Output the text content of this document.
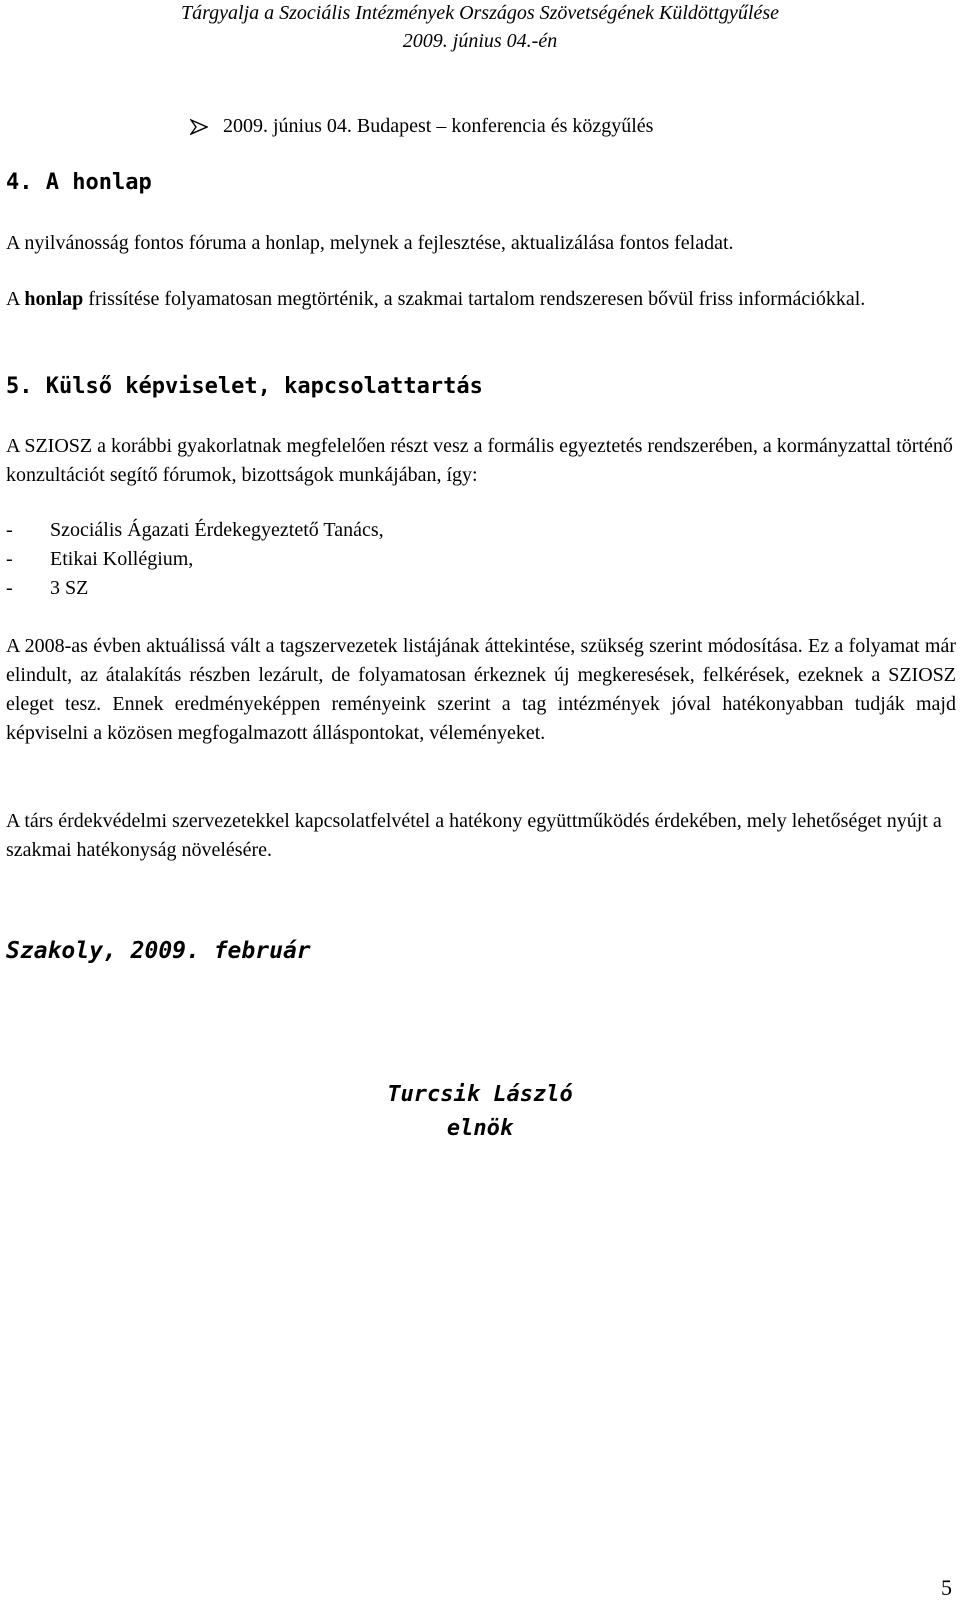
Tárgyalja a Szociális Intézmények Országos Szövetségének Küldöttgyűlése
2009. június 04.-én
2009. június 04. Budapest – konferencia és közgyűlés
4. A honlap
A nyilvánosság fontos fóruma a honlap, melynek a fejlesztése, aktualizálása fontos feladat.
A honlap frissítése folyamatosan megtörténik, a szakmai tartalom rendszeresen bővül friss információkkal.
5. Külső képviselet, kapcsolattartás
A SZIOSZ a korábbi gyakorlatnak megfelelően részt vesz a formális egyeztetés rendszerében, a kormányzattal történő konzultációt segítő fórumok, bizottságok munkájában, így:
- Szociális Ágazati Érdekegyeztető Tanács,
- Etikai Kollégium,
- 3 SZ
A 2008-as évben aktuálissá vált a tagszervezetek listájának áttekintése, szükség szerint módosítása. Ez a folyamat már elindult, az átalakítás részben lezárult, de folyamatosan érkeznek új megkeresések, felkérések, ezeknek a SZIOSZ eleget tesz. Ennek eredményeképpen reményeink szerint a tag intézmények jóval hatékonyabban tudják majd képviselni a közösen megfogalmazott álláspontokat, véleményeket.
A társ érdekvédelmi szervezetekkel kapcsolatfelvétel a hatékony együttműködés érdekében, mely lehetőséget nyújt a szakmai hatékonyság növelésére.
Szakoly, 2009. február
Turcsik László
elnök
5
